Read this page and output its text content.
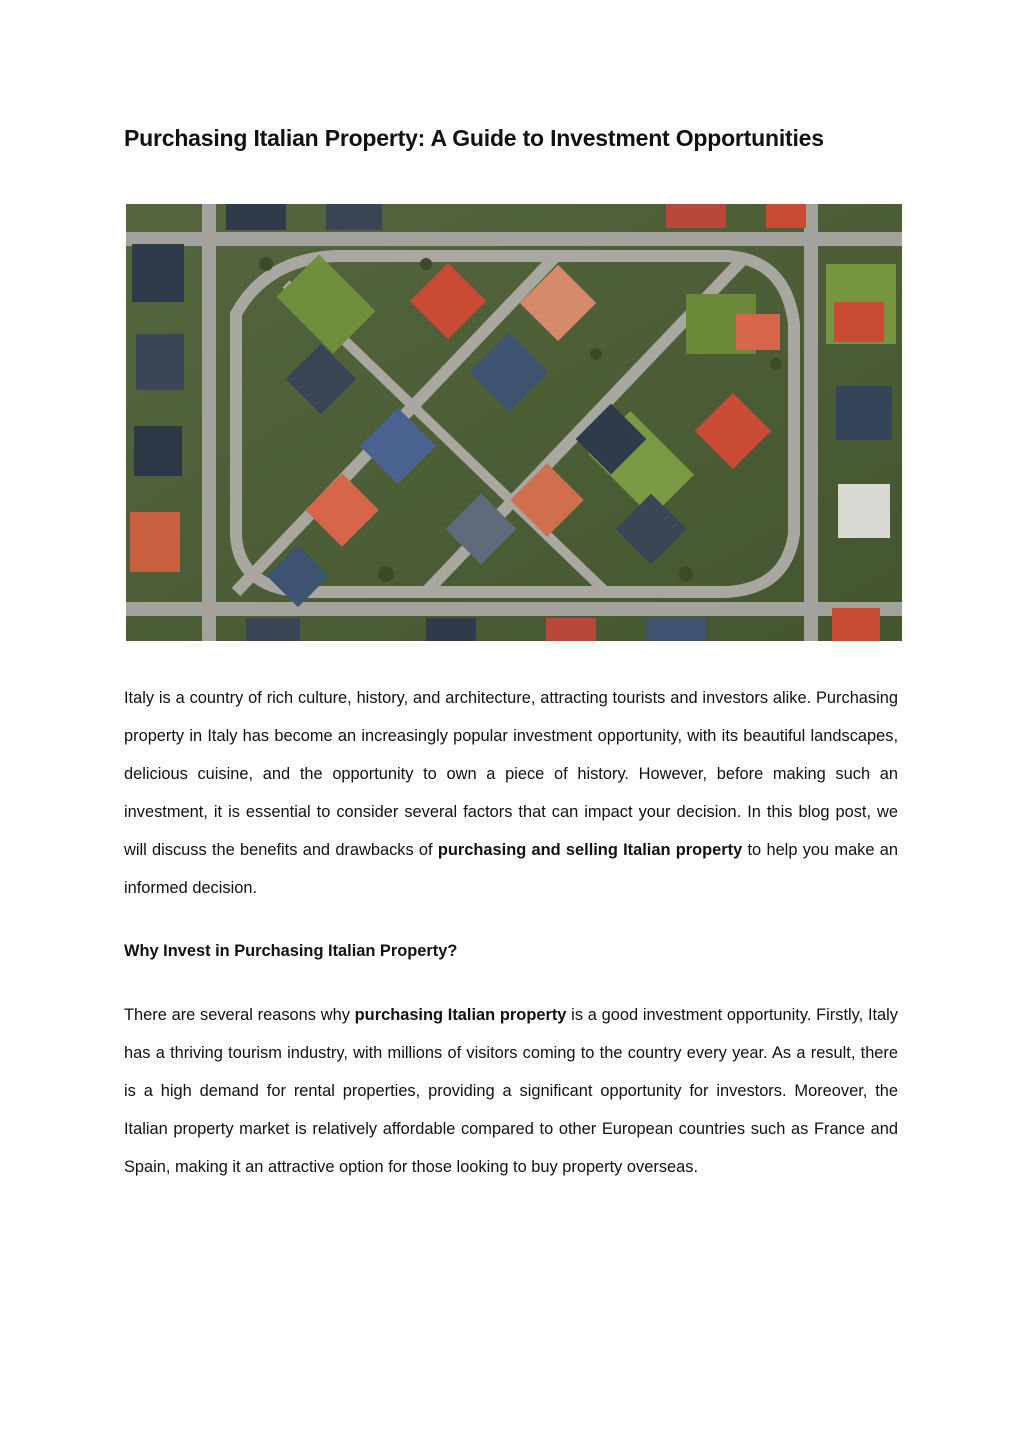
Purchasing Italian Property: A Guide to Investment Opportunities

Italy is a country of rich culture, history, and architecture, attracting tourists and investors alike. Purchasing property in Italy has become an increasingly popular investment opportunity, with its beautiful landscapes, delicious cuisine, and the opportunity to own a piece of history. However, before making such an investment, it is essential to consider several factors that can impact your decision. In this blog post, we will discuss the benefits and drawbacks of purchasing and selling Italian property to help you make an informed decision.

Why Invest in Purchasing Italian Property?

There are several reasons why purchasing Italian property is a good investment opportunity. Firstly, Italy has a thriving tourism industry, with millions of visitors coming to the country every year. As a result, there is a high demand for rental properties, providing a significant opportunity for investors. Moreover, the Italian property market is relatively affordable compared to other European countries such as France and Spain, making it an attractive option for those looking to buy property overseas.
